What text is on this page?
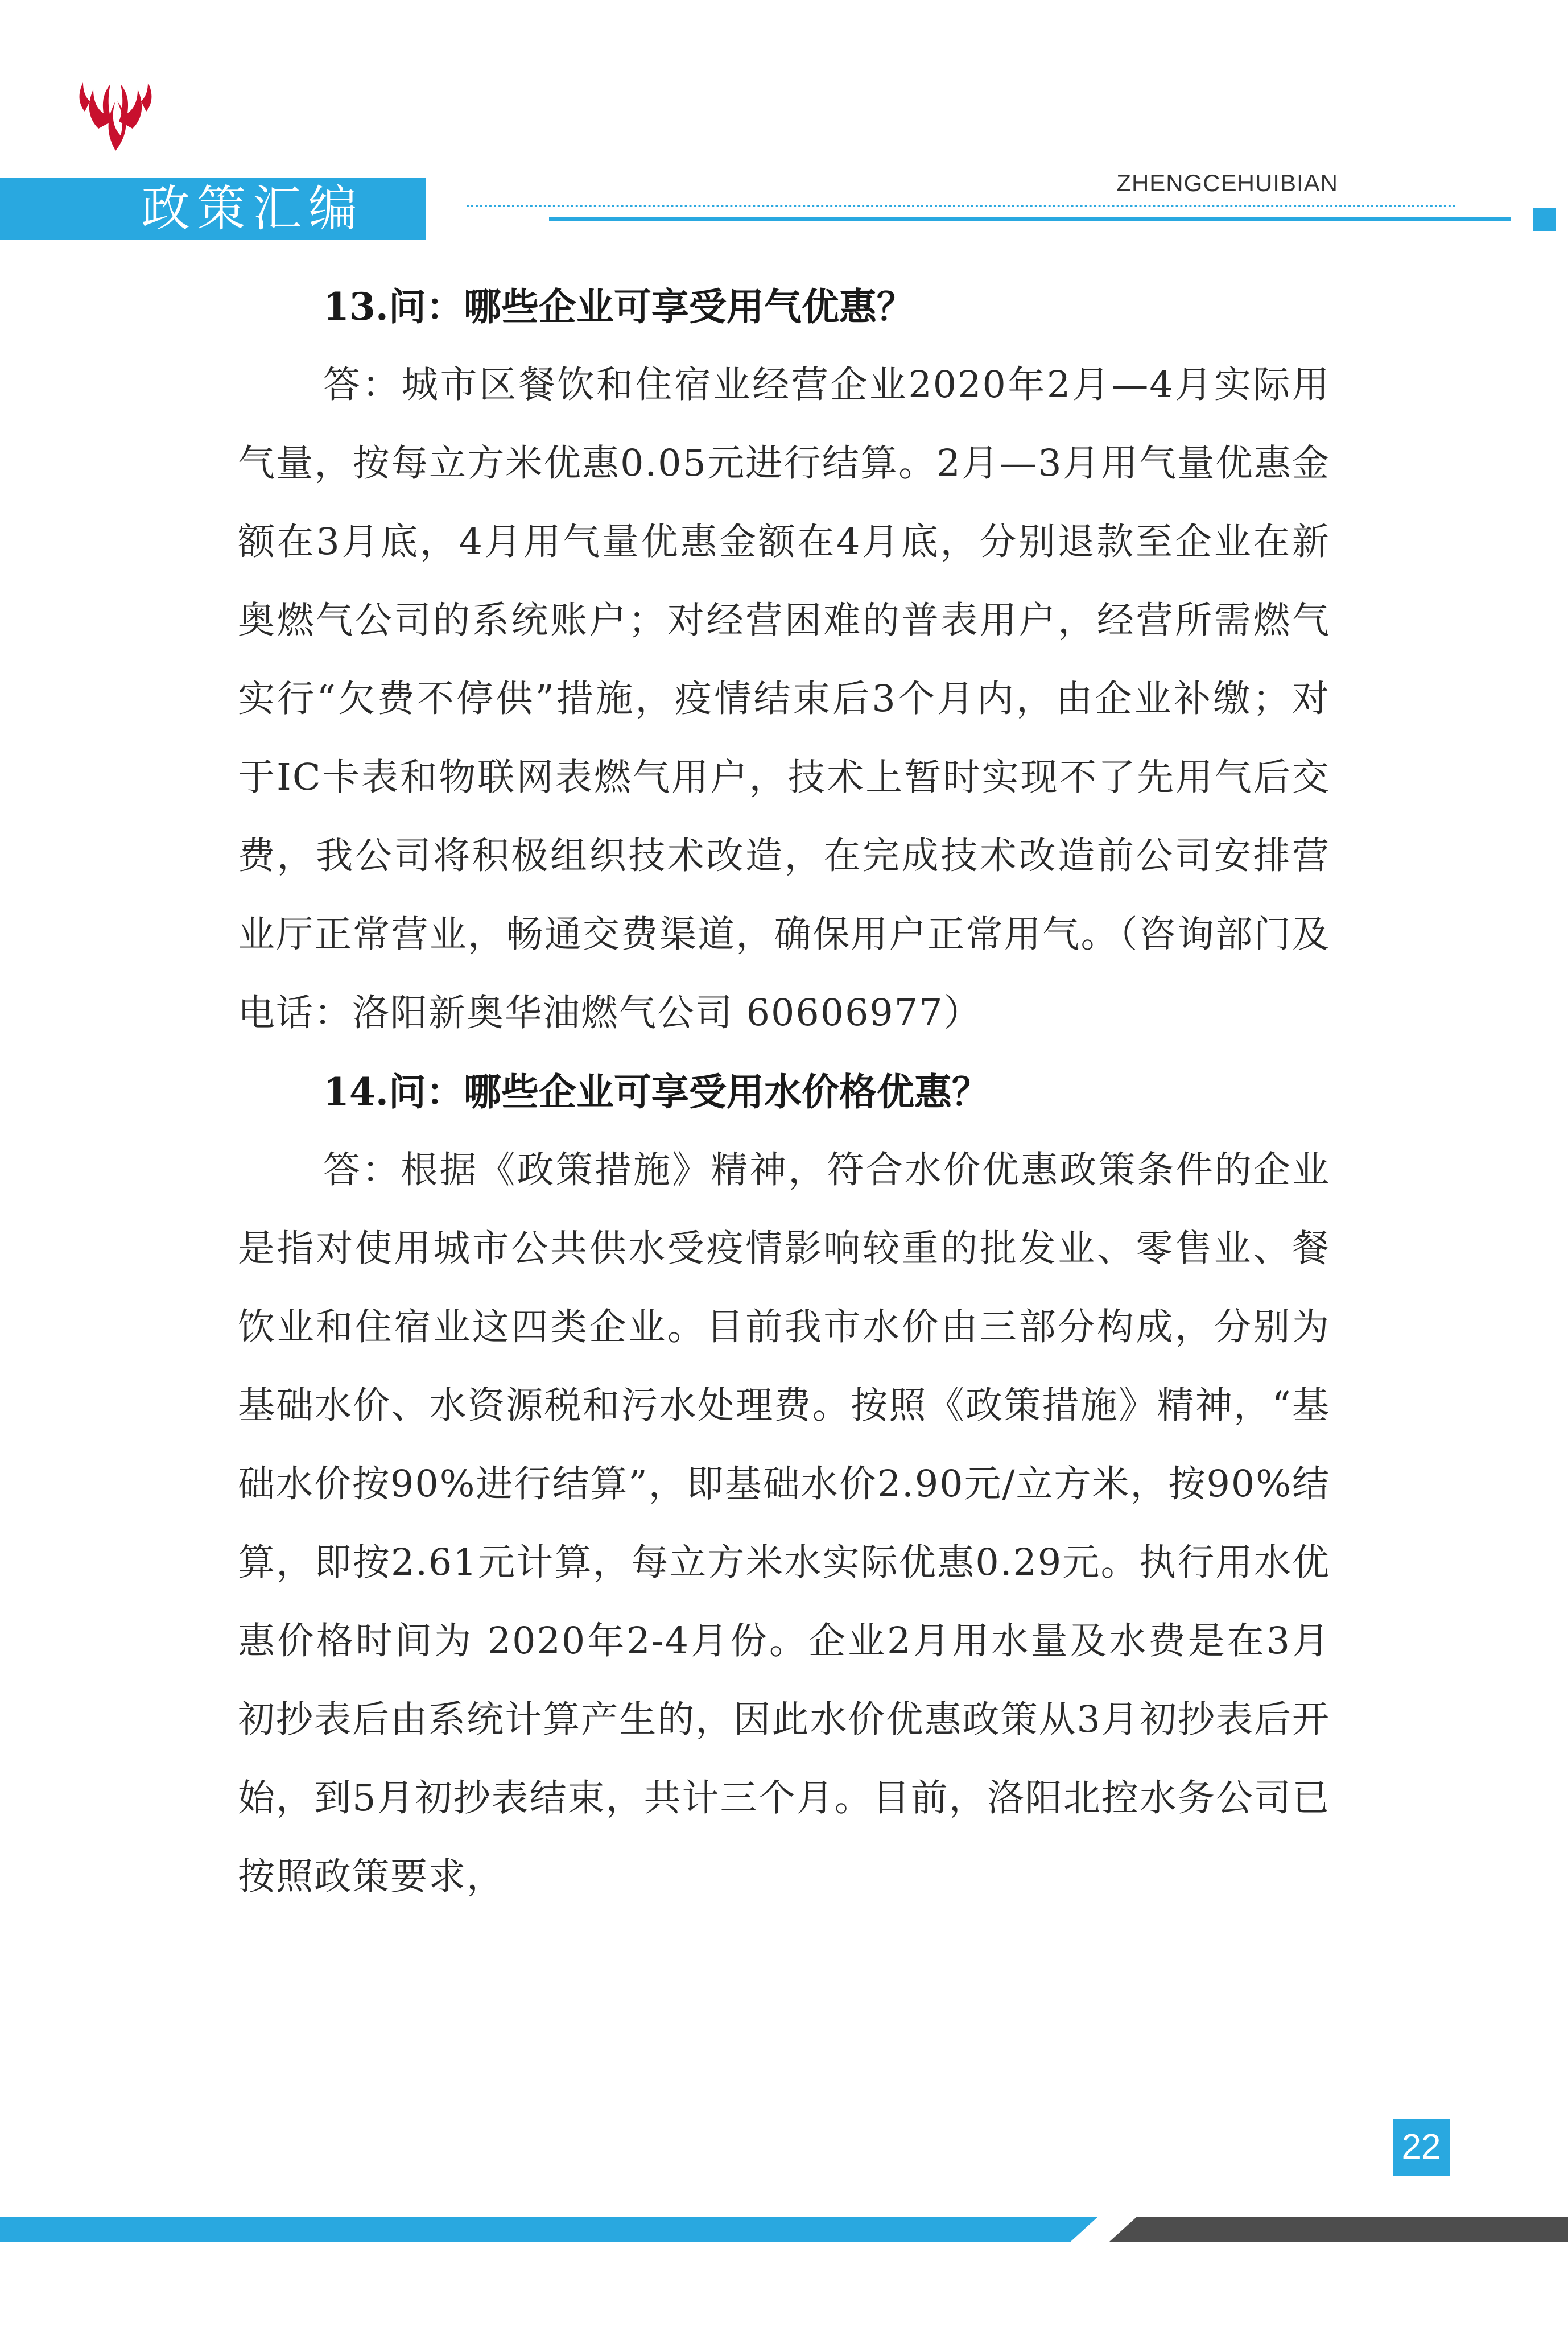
政策汇编	ZHENGCEHUIBIAN

13.问：哪些企业可享受用气优惠？

答：城市区餐饮和住宿业经营企业2020年2月—4月实际用气量，按每立方米优惠0.05元进行结算。2月—3月用气量优惠金额在3月底，4月用气量优惠金额在4月底，分别退款至企业在新奥燃气公司的系统账户；对经营困难的普表用户，经营所需燃气实行“欠费不停供”措施，疫情结束后3个月内，由企业补缴；对于IC卡表和物联网表燃气用户，技术上暂时实现不了先用气后交费，我公司将积极组织技术改造，在完成技术改造前公司安排营业厅正常营业，畅通交费渠道，确保用户正常用气。（咨询部门及电话：洛阳新奥华油燃气公司 60606977）

14.问：哪些企业可享受用水价格优惠？

答：根据《政策措施》精神，符合水价优惠政策条件的企业是指对使用城市公共供水受疫情影响较重的批发业、零售业、餐饮业和住宿业这四类企业。目前我市水价由三部分构成，分别为基础水价、水资源税和污水处理费。按照《政策措施》精神，“基础水价按90%进行结算”，即基础水价2.90元/立方米，按90%结算，即按2.61元计算，每立方米水实际优惠0.29元。执行用水优惠价格时间为 2020年2-4月份。企业2月用水量及水费是在3月初抄表后由系统计算产生的，因此水价优惠政策从3月初抄表后开始，到5月初抄表结束，共计三个月。目前，洛阳北控水务公司已按照政策要求，

22
